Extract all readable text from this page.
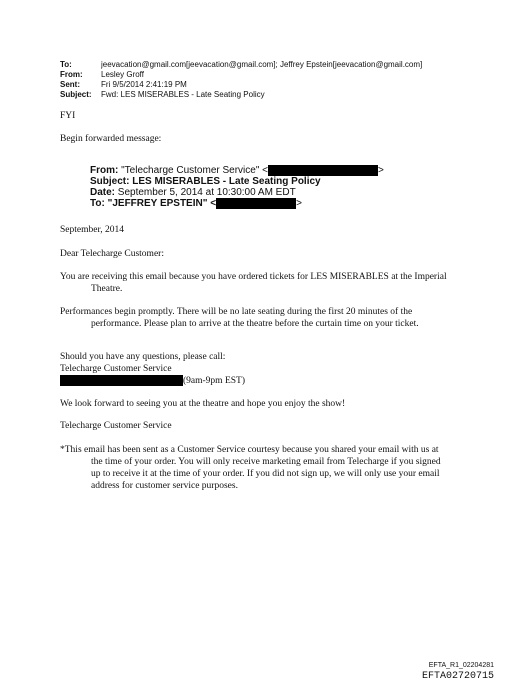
To:	jeevacation@gmail.com[jeevacation@gmail.com]; Jeffrey Epstein[jeevacation@gmail.com]
From:	Lesley Groff
Sent:	Fri 9/5/2014 2:41:19 PM
Subject:	Fwd: LES MISERABLES - Late Seating Policy
FYI
Begin forwarded message:
From: "Telecharge Customer Service" <	>
Subject: LES MISERABLES - Late Seating Policy
Date: September 5, 2014 at 10:30:00 AM EDT
To: "JEFFREY EPSTEIN" <	>
September, 2014
Dear Telecharge Customer:
You are receiving this email because you have ordered tickets for LES MISERABLES at the Imperial Theatre.
Performances begin promptly. There will be no late seating during the first 20 minutes of the performance. Please plan to arrive at the theatre before the curtain time on your ticket.
Should you have any questions, please call:
Telecharge Customer Service
(9am-9pm EST)
We look forward to seeing you at the theatre and hope you enjoy the show!
Telecharge Customer Service
*This email has been sent as a Customer Service courtesy because you shared your email with us at the time of your order. You will only receive marketing email from Telecharge if you signed up to receive it at the time of your order. If you did not sign up, we will only use your email address for customer service purposes.
EFTA_R1_02204281
EFTA02720715
